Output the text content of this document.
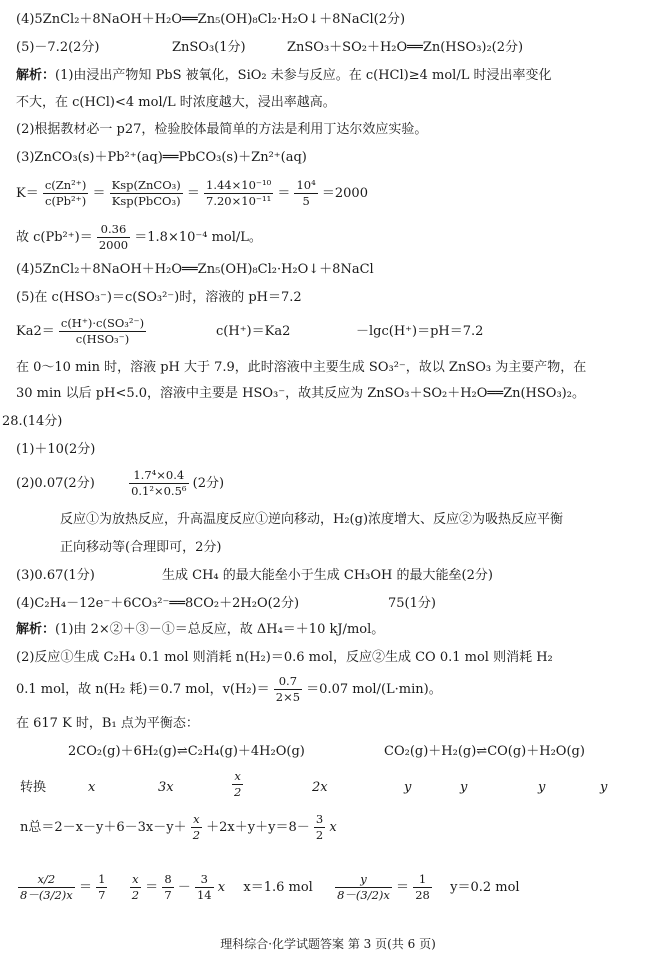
(4)5ZnCl₂＋8NaOH＋H₂O══Zn₅(OH)₈Cl₂·H₂O↓＋8NaCl(2分)
(5)－7.2(2分)	ZnSO₃(1分)	ZnSO₃＋SO₂＋H₂O══Zn(HSO₃)₂(2分)
解析：(1)由浸出产物知 PbS 被氧化，SiO₂ 未参与反应。在 c(HCl)≥4 mol/L 时浸出率变化
不大，在 c(HCl)<4 mol/L 时浓度越大，浸出率越高。
(2)根据教材必一 p27，检验胶体最简单的方法是利用丁达尔效应实验。
(3)ZnCO₃(s)＋Pb²⁺(aq)══PbCO₃(s)＋Zn²⁺(aq)
$K= \frac{\text{c(Zn²⁺)}}{\text{c(Pb²⁺)}} = \frac{\text{Ksp(ZnCO₃)}}{\text{Ksp(PbCO₃)}} = \frac{\text{1.44×10⁻¹⁰}}{\text{7.20×10⁻¹¹}} = \frac{\text{10⁴}}{5} =2000$
故 $c(Pb^{2+})= \frac{0.36}{2000} =1.8\times 10^{-4}$ mol/L。
(4)5ZnCl₂＋8NaOH＋H₂O══Zn₅(OH)₈Cl₂·H₂O↓＋8NaCl
(5)在 c(HSO₃⁻)＝c(SO₃²⁻)时，溶液的 pH＝7.2
$Ka2= \frac{\text{c(H⁺)·c(SO₃²⁻)}}{\text{c(HSO₃⁻)}}$	c(H⁺)＝Ka2	－lgc(H⁺)＝pH＝7.2
在 0～10 min 时，溶液 pH 大于 7.9，此时溶液中主要生成 SO₃²⁻，故以 ZnSO₃ 为主要产物，在
30 min 以后 pH<5.0，溶液中主要是 HSO₃⁻，故其反应为 ZnSO₃＋SO₂＋H₂O══Zn(HSO₃)₂。
28.(14分)
(1)＋10(2分)
(2)0.07(2分)	$\frac{\text{1.7⁴×0.4}}{\text{0.1²×0.5⁶}} (2$分)
反应①为放热反应，升高温度反应①逆向移动，H₂(g)浓度增大、反应②为吸热反应平衡
正向移动等(合理即可，2分)
(3)0.67(1分)	生成 CH₄ 的最大能垒小于生成 CH₃OH 的最大能垒(2分)
(4)C₂H₄－12e⁻＋6CO₃²⁻══8CO₂＋2H₂O(2分)	75(1分)
解析：(1)由 2×②＋③－①＝总反应，故 ΔH₄＝＋10 kJ/mol。
(2)反应①生成 C₂H₄ 0.1 mol 则消耗 n(H₂)＝0.6 mol，反应②生成 CO 0.1 mol 则消耗 H₂
0.1 mol，故 n(H₂ 耗)＝0.7 mol，$v(H_2)= \frac{0.7}{2\times 5} =0.07$ mol/(L·min)。
在 617 K 时，B₁ 点为平衡态：
2CO₂(g)＋6H₂(g)⇌C₂H₄(g)＋4H₂O(g)	CO₂(g)＋H₂(g)⇌CO(g)＋H₂O(g)
转换	x	3x	$\frac{x}{2}$	2x	y	y	y	y
n总$=2-x-y+6-3x-y+ \frac{x}{2} +2x+y+y=8- \frac{3}{2}$ x
$\frac{x/2}{8-(3/2)x} = \frac{1}{7}$
$\frac{x}{2} = \frac{8}{7} - \frac{3}{14}$ x x＝1.6 mol $\frac{y}{8-(3/2)x} = \frac{1}{28} y=0.2$ mol
理科综合·化学试题答案 第 3 页(共 6 页)
